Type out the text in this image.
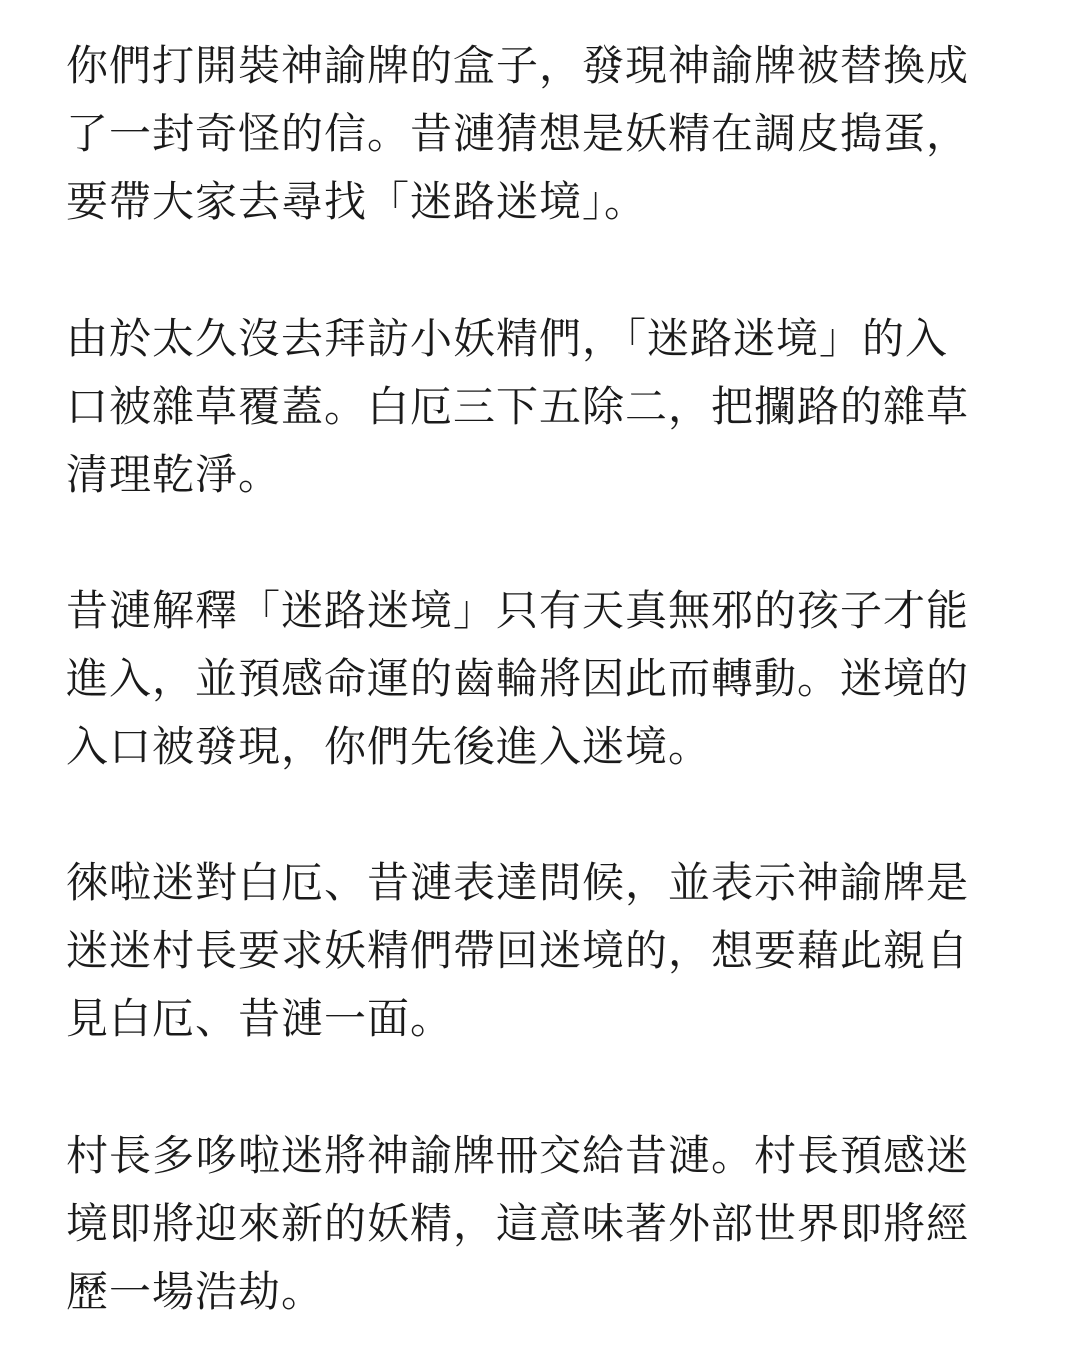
你們打開裝神諭牌的盒子，發現神諭牌被替換成
了一封奇怪的信。昔漣猜想是妖精在調皮搗蛋，
要帶大家去尋找「迷路迷境」。

由於太久沒去拜訪小妖精們，「迷路迷境」的入
口被雜草覆蓋。白厄三下五除二，把攔路的雜草
清理乾淨。

昔漣解釋「迷路迷境」只有天真無邪的孩子才能
進入，並預感命運的齒輪將因此而轉動。迷境的
入口被發現，你們先後進入迷境。

徠啦迷對白厄、昔漣表達問候，並表示神諭牌是
迷迷村長要求妖精們帶回迷境的，想要藉此親自
見白厄、昔漣一面。

村長多哆啦迷將神諭牌冊交給昔漣。村長預感迷
境即將迎來新的妖精，這意味著外部世界即將經
歷一場浩劫。
